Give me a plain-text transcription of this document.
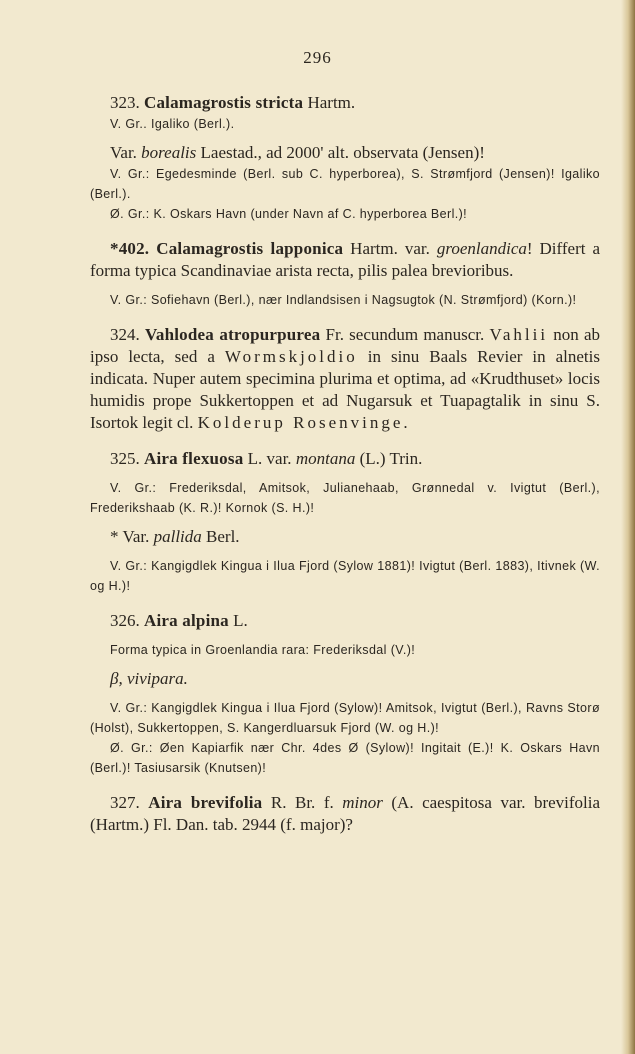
296

323. Calamagrostis stricta Hartm.

V. Gr.. Igaliko (Berl.).

Var. borealis Laestad., ad 2000' alt. observata (Jensen)!

V. Gr.: Egedesminde (Berl. sub C. hyperborea), S. Strømfjord (Jensen)! Igaliko (Berl.).

Ø. Gr.: K. Oskars Havn (under Navn af C. hyperborea Berl.)!

*402. Calamagrostis lapponica Hartm. var. groenlandica! Differt a forma typica Scandinaviae arista recta, pilis palea brevioribus.

V. Gr.: Sofiehavn (Berl.), nær Indlandsisen i Nagsugtok (N. Strømfjord) (Korn.)!

324. Vahlodea atropurpurea Fr. secundum manuscr. Vahlii non ab ipso lecta, sed a Wormskjoldio in sinu Baals Revier in alnetis indicata. Nuper autem specimina plurima et optima, ad «Krudthuset» locis humidis prope Sukkertoppen et ad Nugarsuk et Tuapagtalik in sinu S. Isortok legit cl. Kolderup Rosenvinge.

325. Aira flexuosa L. var. montana (L.) Trin.

V. Gr.: Frederiksdal, Amitsok, Julianehaab, Grønnedal v. Ivigtut (Berl.), Frederikshaab (K. R.)! Kornok (S. H.)!

* Var. pallida Berl.

V. Gr.: Kangigdlek Kingua i Ilua Fjord (Sylow 1881)! Ivigtut (Berl. 1883), Itivnek (W. og H.)!

326. Aira alpina L.

Forma typica in Groenlandia rara: Frederiksdal (V.)!

β, vivipara.

V. Gr.: Kangigdlek Kingua i Ilua Fjord (Sylow)! Amitsok, Ivigtut (Berl.), Ravns Storø (Holst), Sukkertoppen, S. Kangerdluarsuk Fjord (W. og H.)!

Ø. Gr.: Øen Kapiarfik nær Chr. 4des Ø (Sylow)! Ingitait (E.)! K. Oskars Havn (Berl.)! Tasiusarsik (Knutsen)!

327. Aira brevifolia R. Br. f. minor (A. caespitosa var. brevifolia (Hartm.) Fl. Dan. tab. 2944 (f. major)?
